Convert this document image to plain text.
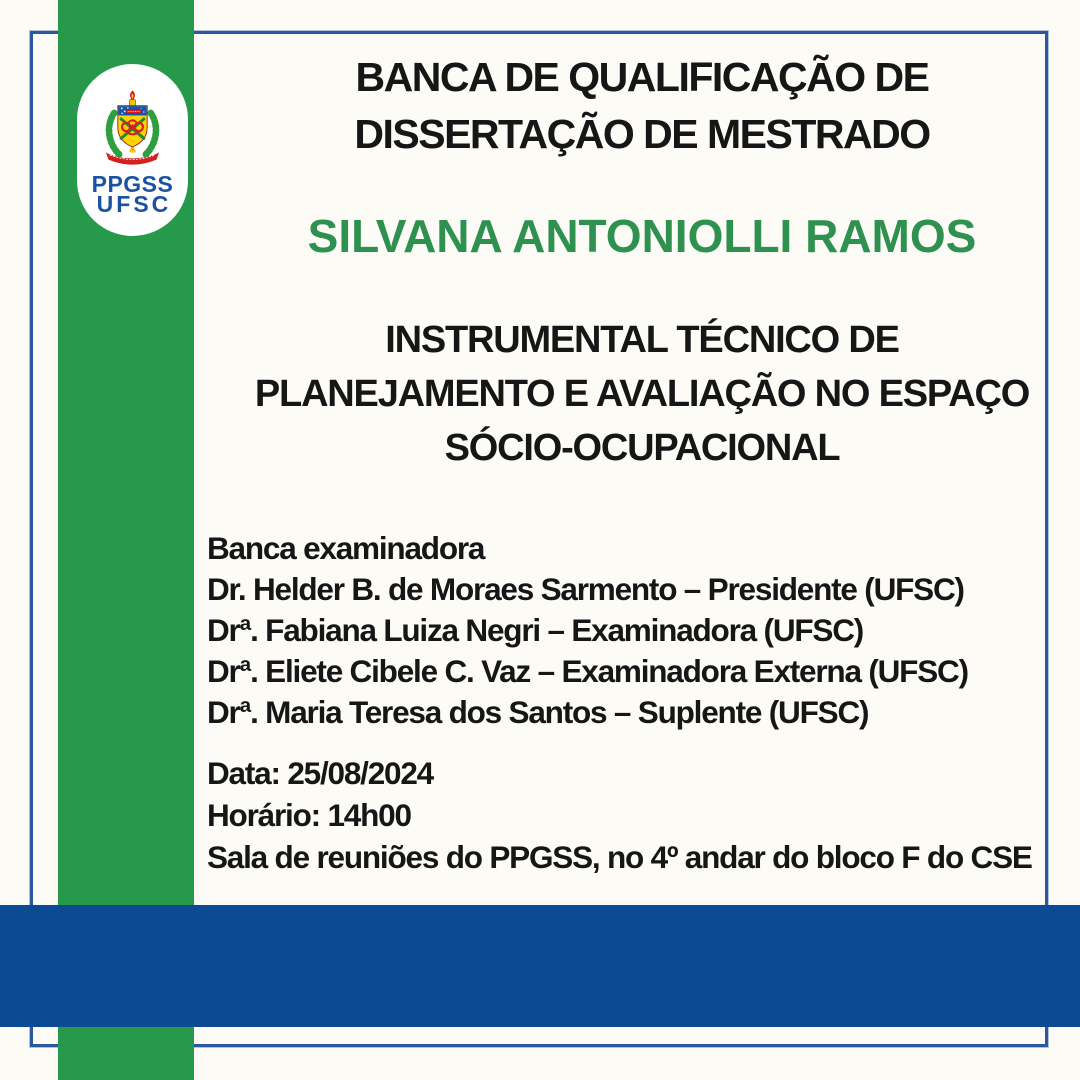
PPGSS
UFSC
BANCA DE QUALIFICAÇÃO DE
DISSERTAÇÃO DE MESTRADO
SILVANA ANTONIOLLI RAMOS
INSTRUMENTAL TÉCNICO DE
PLANEJAMENTO E AVALIAÇÃO NO ESPAÇO
SÓCIO-OCUPACIONAL
Banca examinadora
Dr. Helder B. de Moraes Sarmento – Presidente (UFSC)
Drª. Fabiana Luiza Negri – Examinadora (UFSC)
Drª. Eliete Cibele C. Vaz – Examinadora Externa (UFSC)
Drª. Maria Teresa dos Santos – Suplente (UFSC)
Data: 25/08/2024
Horário: 14h00
Sala de reuniões do PPGSS, no 4º andar do bloco F do CSE
